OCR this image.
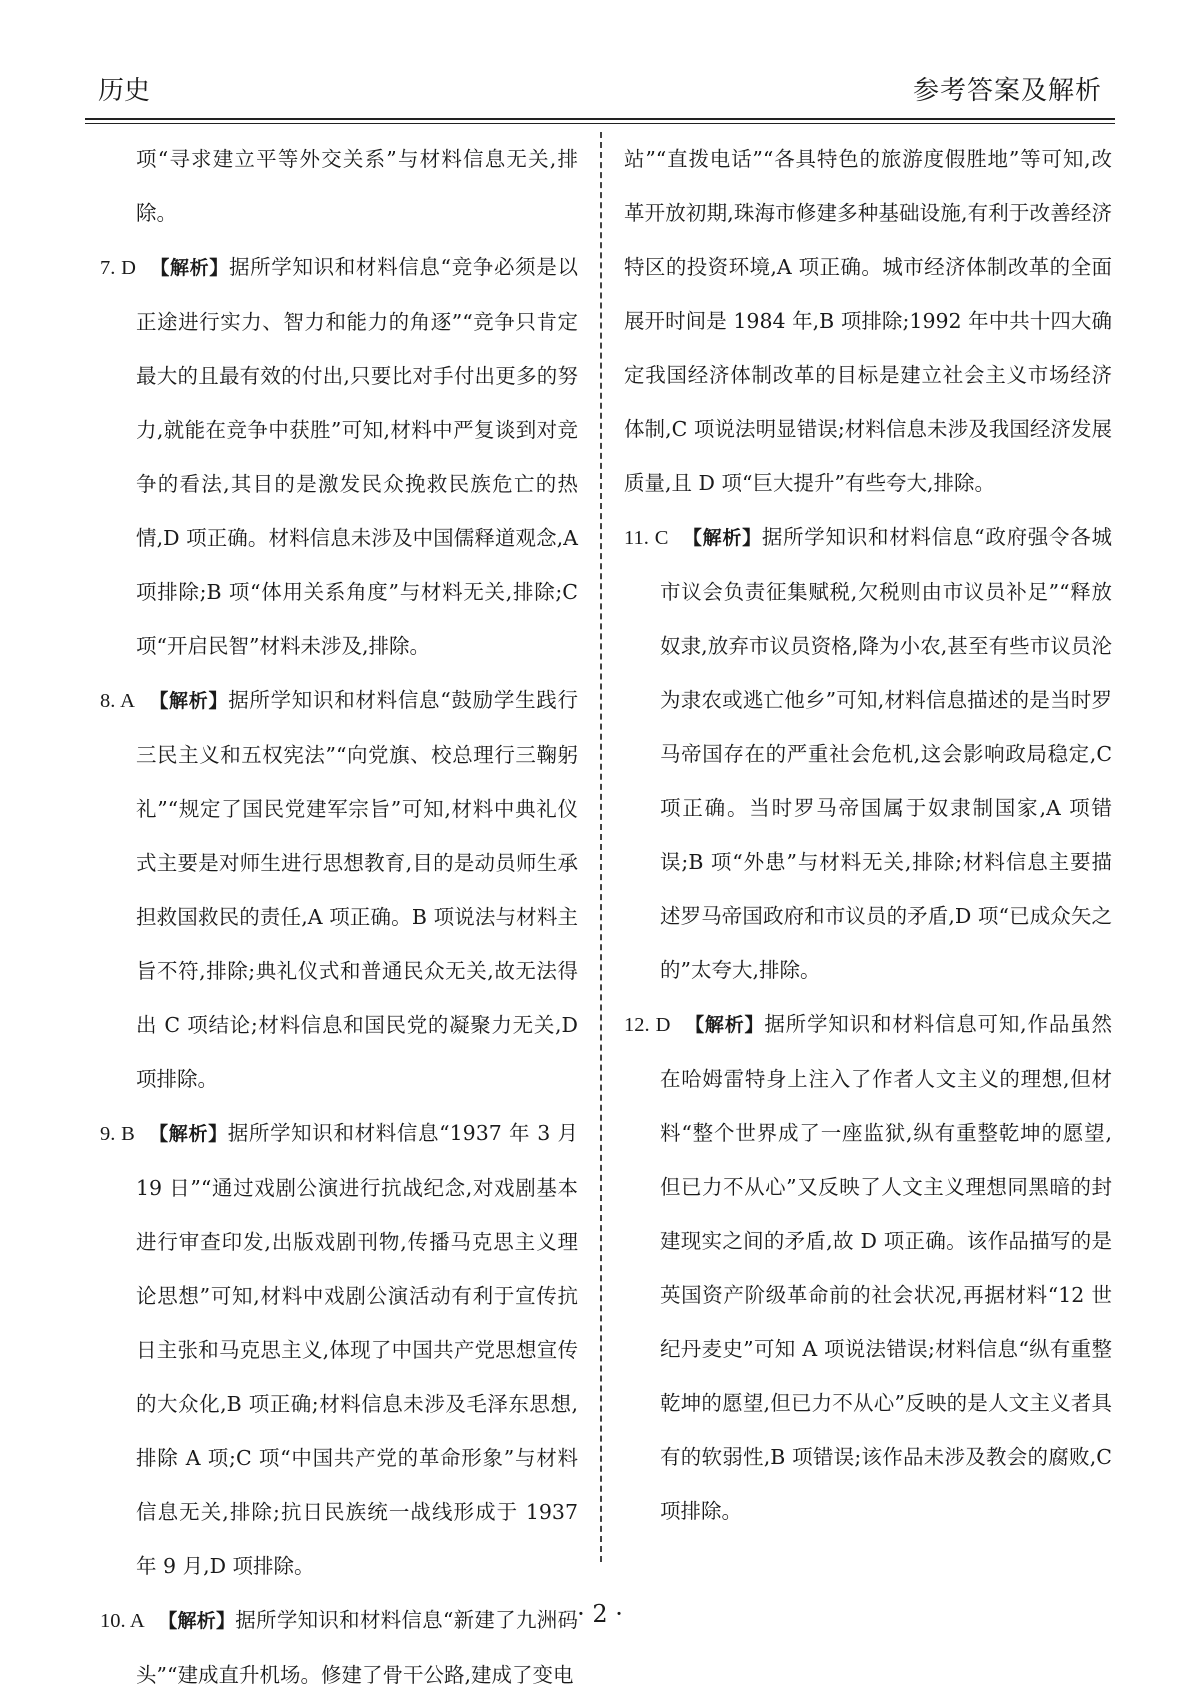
历史	参考答案及解析

项“寻求建立平等外交关系”与材料信息无关,排除。

7. D 【解析】据所学知识和材料信息“竞争必须是以正途进行实力、智力和能力的角逐”“竞争只肯定最大的且最有效的付出,只要比对手付出更多的努力,就能在竞争中获胜”可知,材料中严复谈到对竞争的看法,其目的是激发民众挽救民族危亡的热情,D 项正确。材料信息未涉及中国儒释道观念,A 项排除;B 项“体用关系角度”与材料无关,排除;C 项“开启民智”材料未涉及,排除。

8. A 【解析】据所学知识和材料信息“鼓励学生践行三民主义和五权宪法”“向党旗、校总理行三鞠躬礼”“规定了国民党建军宗旨”可知,材料中典礼仪式主要是对师生进行思想教育,目的是动员师生承担救国救民的责任,A 项正确。B 项说法与材料主旨不符,排除;典礼仪式和普通民众无关,故无法得出 C 项结论;材料信息和国民党的凝聚力无关,D 项排除。

9. B 【解析】据所学知识和材料信息“1937 年 3 月 19 日”“通过戏剧公演进行抗战纪念,对戏剧基本进行审查印发,出版戏剧刊物,传播马克思主义理论思想”可知,材料中戏剧公演活动有利于宣传抗日主张和马克思主义,体现了中国共产党思想宣传的大众化,B 项正确;材料信息未涉及毛泽东思想,排除 A 项;C 项“中国共产党的革命形象”与材料信息无关,排除;抗日民族统一战线形成于 1937 年 9 月,D 项排除。

10. A 【解析】据所学知识和材料信息“新建了九洲码头”“建成直升机场。修建了骨干公路,建成了变电

站”“直拨电话”“各具特色的旅游度假胜地”等可知,改革开放初期,珠海市修建多种基础设施,有利于改善经济特区的投资环境,A 项正确。城市经济体制改革的全面展开时间是 1984 年,B 项排除;1992 年中共十四大确定我国经济体制改革的目标是建立社会主义市场经济体制,C 项说法明显错误;材料信息未涉及我国经济发展质量,且 D 项“巨大提升”有些夸大,排除。

11. C 【解析】据所学知识和材料信息“政府强令各城市议会负责征集赋税,欠税则由市议员补足”“释放奴隶,放弃市议员资格,降为小农,甚至有些市议员沦为隶农或逃亡他乡”可知,材料信息描述的是当时罗马帝国存在的严重社会危机,这会影响政局稳定,C 项正确。当时罗马帝国属于奴隶制国家,A 项错误;B 项“外患”与材料无关,排除;材料信息主要描述罗马帝国政府和市议员的矛盾,D 项“已成众矢之的”太夸大,排除。

12. D 【解析】据所学知识和材料信息可知,作品虽然在哈姆雷特身上注入了作者人文主义的理想,但材料“整个世界成了一座监狱,纵有重整乾坤的愿望,但已力不从心”又反映了人文主义理想同黑暗的封建现实之间的矛盾,故 D 项正确。该作品描写的是英国资产阶级革命前的社会状况,再据材料“12 世纪丹麦史”可知 A 项说法错误;材料信息“纵有重整乾坤的愿望,但已力不从心”反映的是人文主义者具有的软弱性,B 项错误;该作品未涉及教会的腐败,C 项排除。

· 2 ·
